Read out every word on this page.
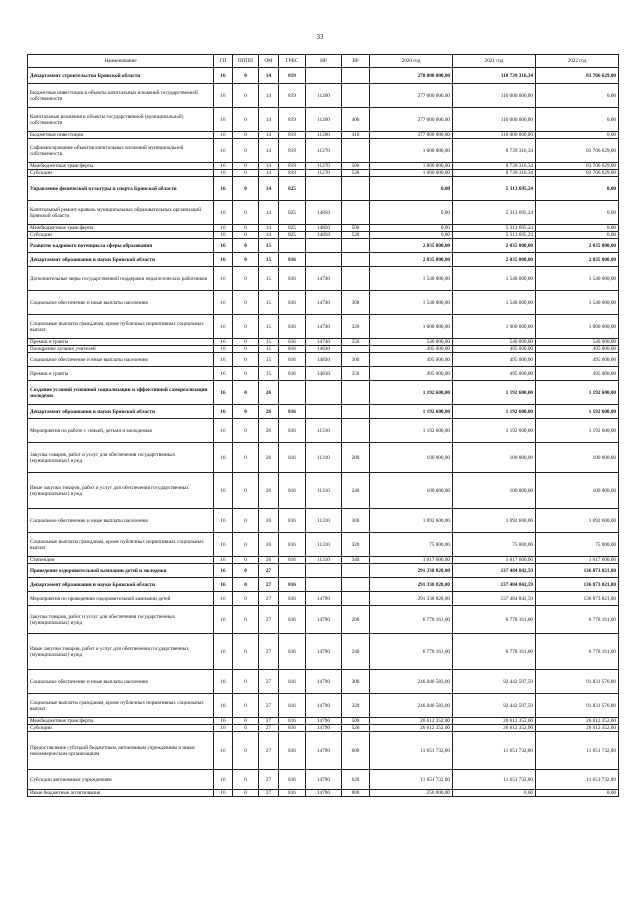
33
Наименование	ГП	ПППП	ОМ	ГРБС	НР	ВР	2020 год	2021 год	2022 год
Департамент строительства Брянской области	16	0	14	819			278 000 000,00	118 739 316,34	83 706 629,00
Бюджетные инвестиции в объекты капитальных вложений государственной собственности	16	0	14	819	11260		277 000 000,00	110 000 000,00	0,00
Капитальные вложения в объекты государственной (муниципальной) собственности	16	0	14	819	11260	400	277 000 000,00	110 000 000,00	0,00
Бюджетные инвестиции	16	0	14	819	11260	410	277 000 000,00	110 000 000,00	0,00
Софинансирование объектов капитальных вложений муниципальной собственности	16	0	14	819	11270		1 000 000,00	8 739 316,34	83 706 629,00
Межбюджетные трансферты	16	0	14	819	11270	500	1 000 000,00	8 739 316,34	83 706 629,00
Субсидии	16	0	14	819	11270	520	1 000 000,00	8 739 316,34	83 706 629,00
Управление физической культуры и спорта Брянской области	16	0	14	825			0,00	5 313 695,24	0,00
Капитальный ремонт кровель муниципальных образовательных организаций Брянской области	16	0	14	825	14850		0,00	5 313 695,24	0,00
Межбюджетные трансферты	16	0	14	825	14850	500	0,00	5 313 695,24	0,00
Субсидии	16	0	14	825	14850	520	0,00	5 313 695,24	0,00
Развитие кадрового потенциала сферы образования	16	0	15				2 035 000,00	2 035 000,00	2 035 000,00
Департамент образования и науки Брянской области	16	0	15	816			2 035 000,00	2 035 000,00	2 035 000,00
Дополнительные меры государственной поддержки педагогических работников	16	0	15	816	14740		1 540 000,00	1 540 000,00	1 540 000,00
Социальное обеспечение и иные выплаты населению	16	0	15	816	14740	300	1 540 000,00	1 540 000,00	1 540 000,00
Социальные выплаты гражданам, кроме публичных нормативных социальных выплат	16	0	15	816	14740	320	1 000 000,00	1 000 000,00	1 000 000,00
Премии и гранты	16	0	15	816	14740	350	540 000,00	540 000,00	540 000,00
Поощрение лучших учителей	16	0	15	816	14830		495 000,00	495 000,00	495 000,00
Социальное обеспечение и иные выплаты населению	16	0	15	816	14830	300	495 000,00	495 000,00	495 000,00
Премии и гранты	16	0	15	816	14830	350	495 000,00	495 000,00	495 000,00
Создание условий успешной социализации и эффективной самореализации молодежи	16	0	26				1 192 600,00	1 192 600,00	1 192 600,00
Департамент образования и науки Брянской области	16	0	26	816			1 192 600,00	1 192 600,00	1 192 600,00
Мероприятия по работе с семьей, детьми и молодежью	16	0	26	816	11310		1 192 600,00	1 192 600,00	1 192 600,00
Закупка товаров, работ и услуг для обеспечения государственных (муниципальных) нужд	16	0	26	816	11310	200	100 000,00	100 000,00	100 000,00
Иные закупки товаров, работ и услуг для обеспечения государственных (муниципальных) нужд	16	0	26	816	11310	240	100 000,00	100 000,00	100 000,00
Социальное обеспечение и иные выплаты населению	16	0	26	816	11310	300	1 092 600,00	1 092 600,00	1 092 600,00
Социальные выплаты гражданам, кроме публичных нормативных социальных выплат	16	0	26	816	11310	320	75 000,00	75 000,00	75 000,00
Стипендии	16	0	26	816	11310	340	1 017 600,00	1 017 600,00	1 017 600,00
Проведение оздоровительной кампании детей и молодежи	16	0	27				291 338 828,00	137 484 842,59	136 873 821,80
Департамент образования и науки Брянской области	16	0	27	816			291 338 828,00	137 484 842,59	136 873 821,80
Мероприятия по проведению оздоровительной кампании детей	16	0	27	816	14790		291 338 828,00	137 484 842,59	136 873 821,80
Закупка товаров, работ и услуг для обеспечения государственных (муниципальных) нужд	16	0	27	816	14790	200	6 778 161,00	6 778 161,00	6 778 161,00
Иные закупки товаров, работ и услуг для обеспечения государственных (муниципальных) нужд	16	0	27	816	14790	240	6 778 161,00	6 778 161,00	6 778 161,00
Социальное обеспечение и иные выплаты населению	16	0	27	816	14790	300	246 046 583,00	92 442 597,59	91 831 576,80
Социальные выплаты гражданам, кроме публичных нормативных социальных выплат	16	0	27	816	14790	320	246 046 583,00	92 442 597,59	91 831 576,80
Межбюджетные трансферты	16	0	27	816	14790	500	26 612 352,00	26 612 352,00	26 612 352,00
Субсидии	16	0	27	816	14790	520	26 612 352,00	26 612 352,00	26 612 352,00
Предоставление субсидий бюджетным, автономным учреждениям и иным некоммерческим организациям	16	0	27	816	14790	600	11 651 732,00	11 651 732,00	11 651 732,00
Субсидии автономным учреждениям	16	0	27	816	14790	620	11 651 732,00	11 651 732,00	11 651 732,00
Иные бюджетные ассигнования	16	0	27	816	14790	800	250 000,00	0,00	0,00
